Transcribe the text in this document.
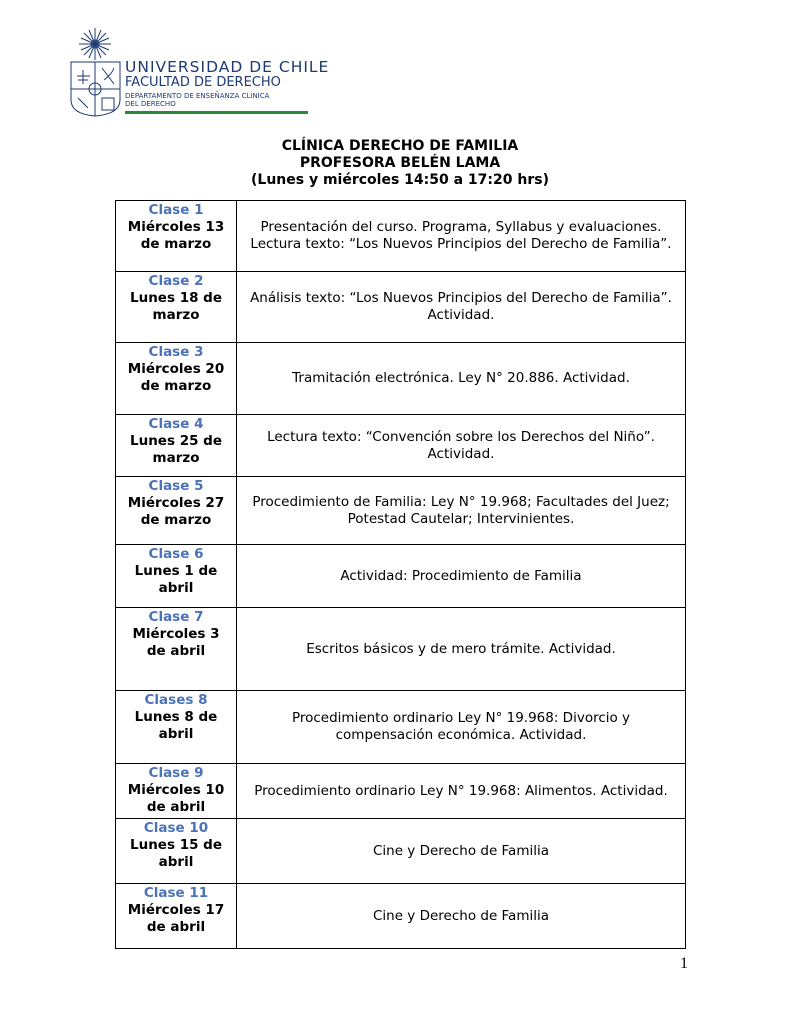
UNIVERSIDAD DE CHILE
FACULTAD DE DERECHO
DEPARTAMENTO DE ENSEÑANZA CLÍNICA
DEL DERECHO
CLÍNICA DERECHO DE FAMILIA
PROFESORA BELÉN LAMA
(Lunes y miércoles 14:50 a 17:20 hrs)
Clase 1
Miércoles 13 de marzo	Presentación del curso. Programa, Syllabus y evaluaciones. Lectura texto: “Los Nuevos Principios del Derecho de Familia”.

Clase 2
Lunes 18 de marzo	Análisis texto: “Los Nuevos Principios del Derecho de Familia”. Actividad.

Clase 3
Miércoles 20 de marzo	Tramitación electrónica. Ley N° 20.886. Actividad.

Clase 4
Lunes 25 de marzo	Lectura texto: “Convención sobre los Derechos del Niño”. Actividad.

Clase 5
Miércoles 27 de marzo	Procedimiento de Familia: Ley N° 19.968; Facultades del Juez; Potestad Cautelar; Intervinientes.

Clase 6
Lunes 1 de abril	Actividad: Procedimiento de Familia

Clase 7
Miércoles 3 de abril	Escritos básicos y de mero trámite. Actividad.

Clases 8
Lunes 8 de abril	Procedimiento ordinario Ley N° 19.968: Divorcio y compensación económica. Actividad.

Clase 9
Miércoles 10 de abril	Procedimiento ordinario Ley N° 19.968: Alimentos. Actividad.

Clase 10
Lunes 15 de abril	Cine y Derecho de Familia

Clase 11
Miércoles 17 de abril	Cine y Derecho de Familia
1
